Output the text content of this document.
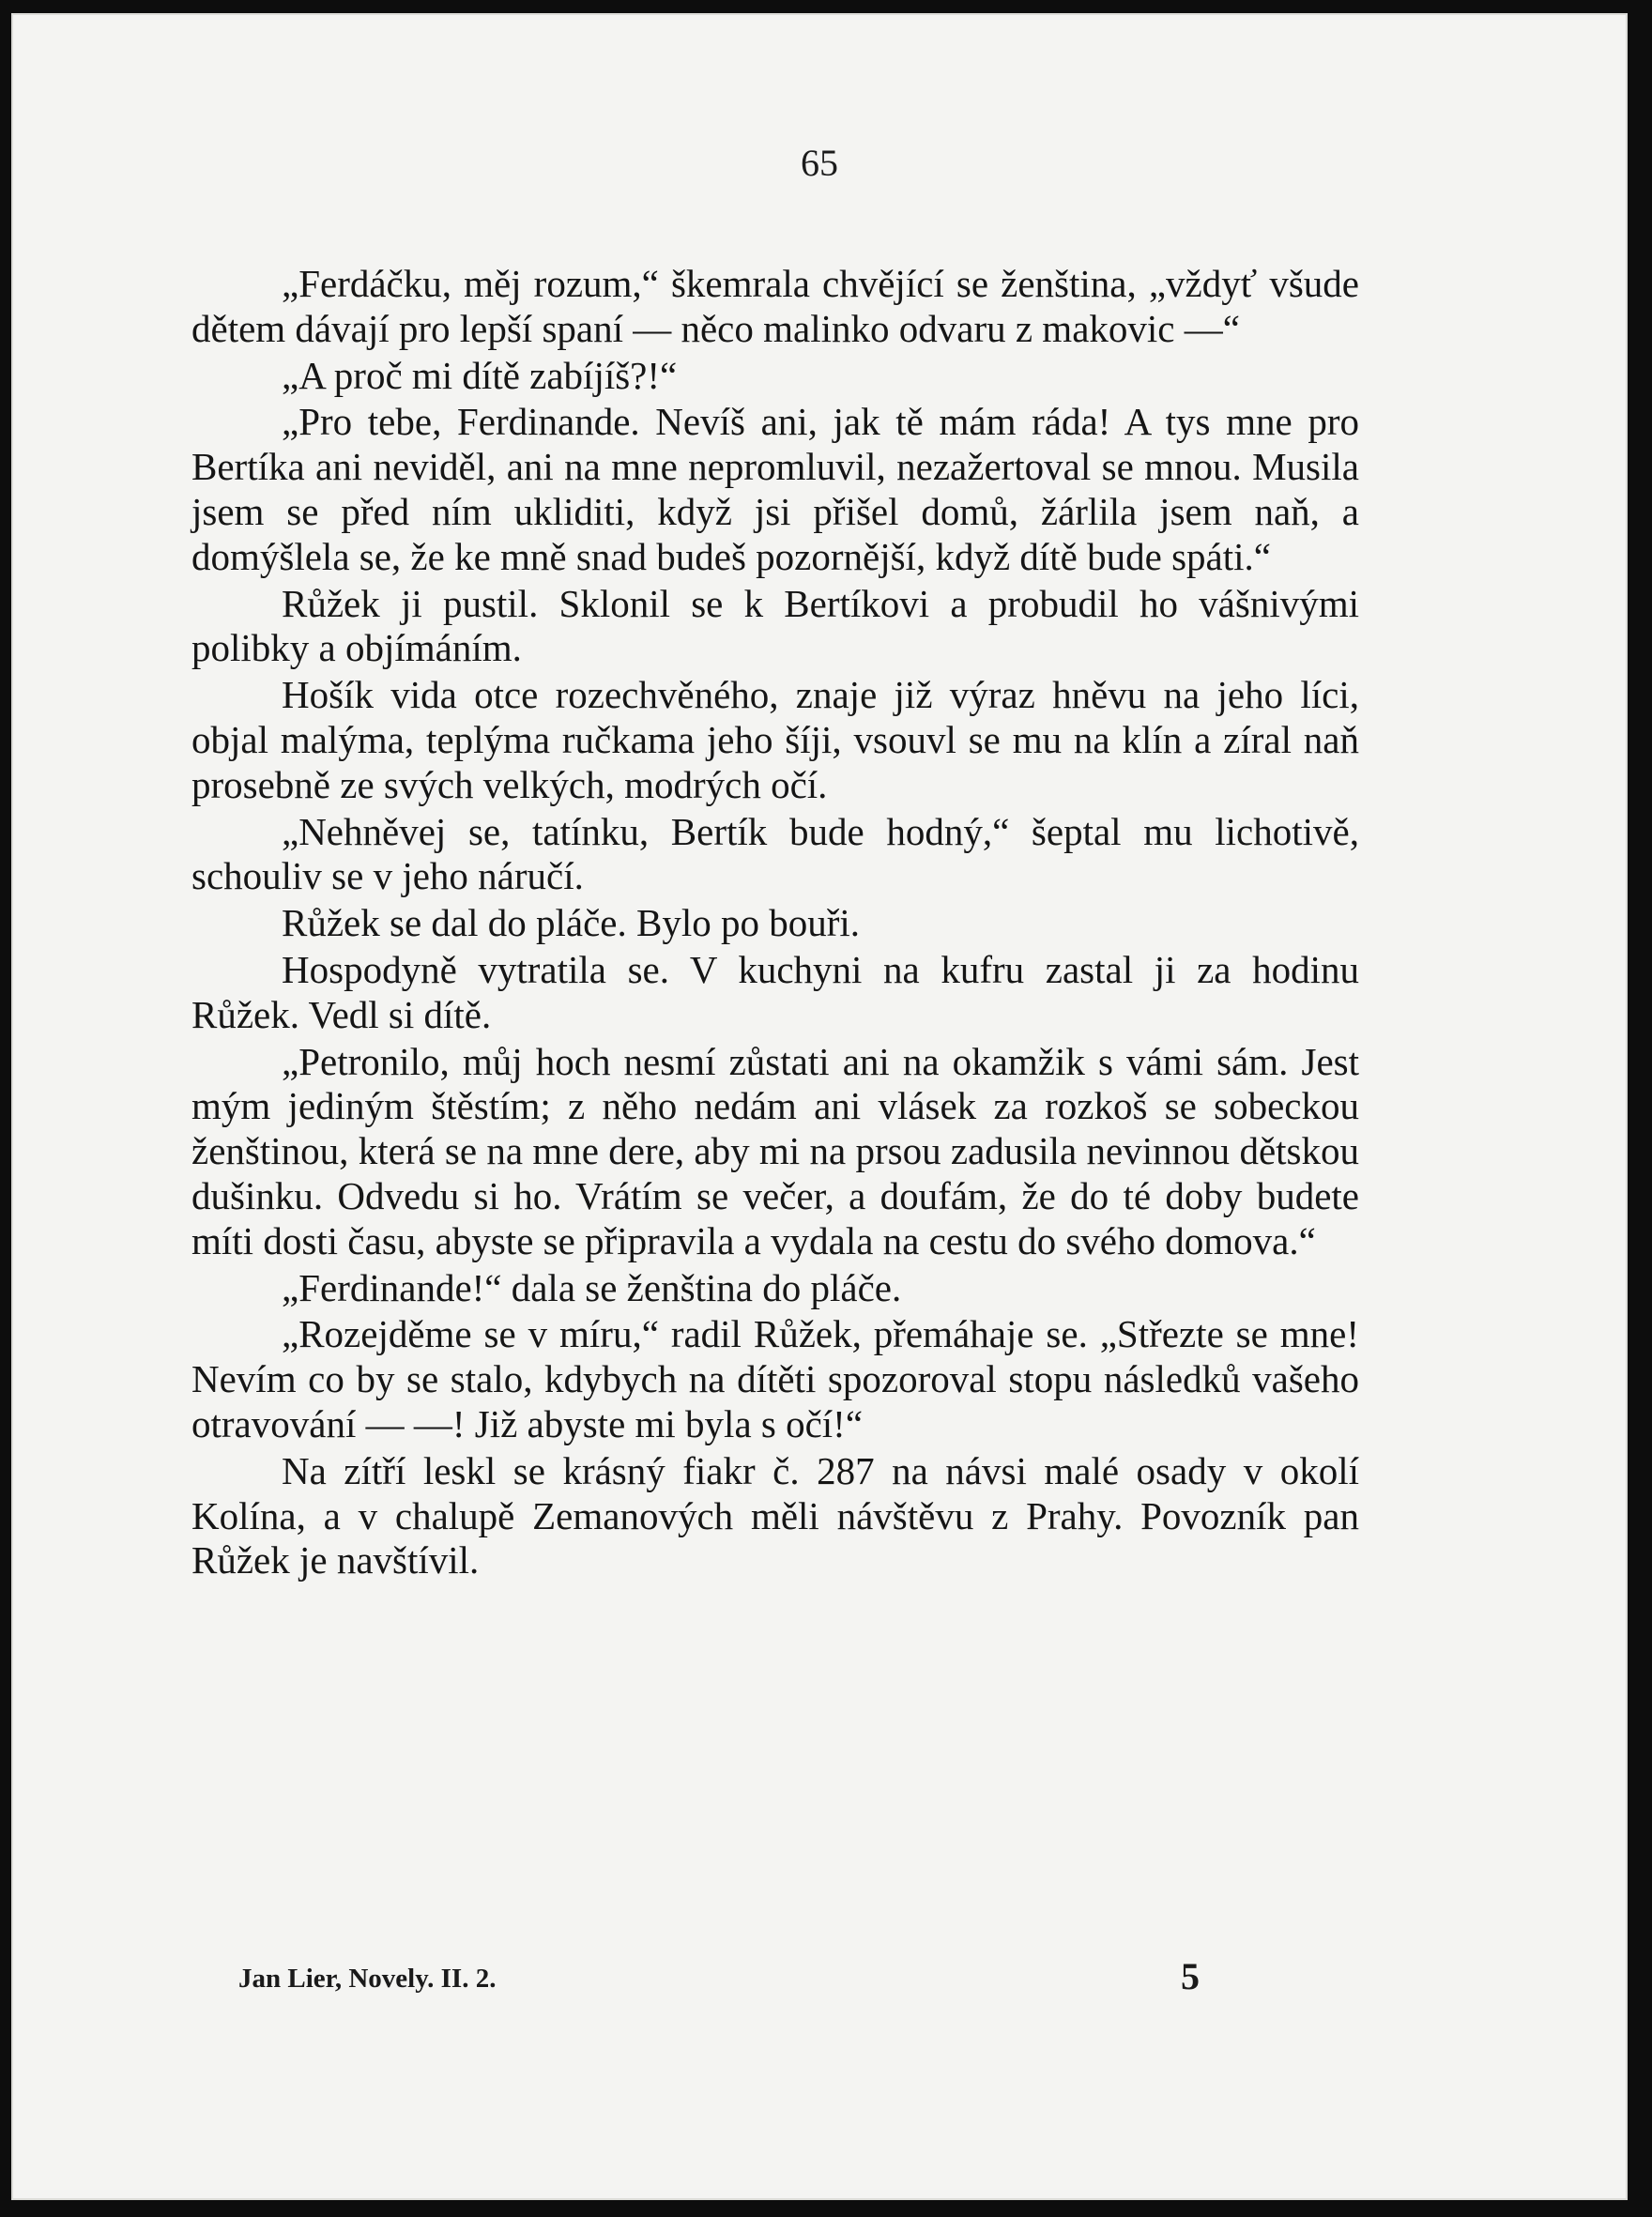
65

„Ferdáčku, měj rozum,“ škemrala chvějící se ženština, „vždyť všude dětem dávají pro lepší spaní — něco malinko odvaru z makovic —“

„A proč mi dítě zabíjíš?!“

„Pro tebe, Ferdinande. Nevíš ani, jak tě mám ráda! A tys mne pro Bertíka ani neviděl, ani na mne nepromluvil, nezažertoval se mnou. Musila jsem se před ním ukliditi, když jsi přišel domů, žárlila jsem naň, a domýšlela se, že ke mně snad budeš pozornější, když dítě bude spáti.“

Růžek ji pustil. Sklonil se k Bertíkovi a probudil ho vášnivými polibky a objímáním.

Hošík vida otce rozechvěného, znaje již výraz hněvu na jeho líci, objal malýma, teplýma ručkama jeho šíji, vsouvl se mu na klín a zíral naň prosebně ze svých velkých, modrých očí.

„Nehněvej se, tatínku, Bertík bude hodný,“ šeptal mu lichotivě, schouliv se v jeho náručí.

Růžek se dal do pláče. Bylo po bouři.

Hospodyně vytratila se. V kuchyni na kufru zastal ji za hodinu Růžek. Vedl si dítě.

„Petronilo, můj hoch nesmí zůstati ani na okamžik s vámi sám. Jest mým jediným štěstím; z něho nedám ani vlásek za rozkoš se sobeckou ženštinou, která se na mne dere, aby mi na prsou zadusila nevinnou dětskou dušinku. Odvedu si ho. Vrátím se večer, a doufám, že do té doby budete míti dosti času, abyste se připravila a vydala na cestu do svého domova.“

„Ferdinande!“ dala se ženština do pláče.

„Rozejděme se v míru,“ radil Růžek, přemáhaje se. „Střezte se mne! Nevím co by se stalo, kdybych na dítěti spozoroval stopu následků vašeho otravování — —! Již abyste mi byla s očí!“

Na zítří leskl se krásný fiakr č. 287 na návsi malé osady v okolí Kolína, a v chalupě Zemanových měli návštěvu z Prahy. Povozník pan Růžek je navštívil.

Jan Lier, Novely. II. 2.	5
